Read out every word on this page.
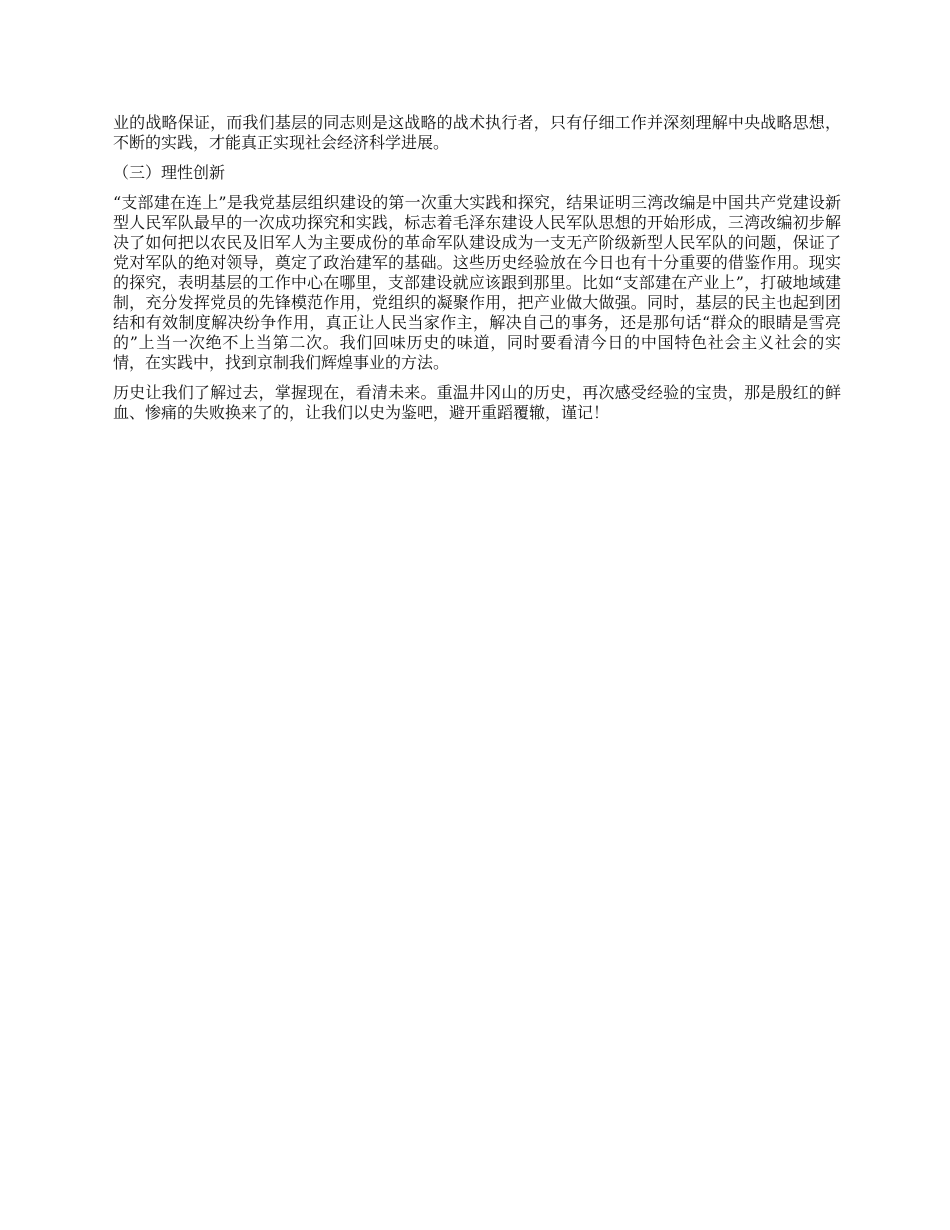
业的战略保证，而我们基层的同志则是这战略的战术执行者，只有仔细工作并深刻理解中央战略思想，不断的实践，才能真正实现社会经济科学进展。

（三）理性创新

“支部建在连上”是我党基层组织建设的第一次重大实践和探究，结果证明三湾改编是中国共产党建设新型人民军队最早的一次成功探究和实践，标志着毛泽东建设人民军队思想的开始形成，三湾改编初步解决了如何把以农民及旧军人为主要成份的革命军队建设成为一支无产阶级新型人民军队的问题，保证了党对军队的绝对领导，奠定了政治建军的基础。这些历史经验放在今日也有十分重要的借鉴作用。现实的探究，表明基层的工作中心在哪里，支部建设就应该跟到那里。比如“支部建在产业上”，打破地域建制，充分发挥党员的先锋模范作用，党组织的凝聚作用，把产业做大做强。同时，基层的民主也起到团结和有效制度解决纷争作用，真正让人民当家作主，解决自己的事务，还是那句话“群众的眼睛是雪亮的”上当一次绝不上当第二次。我们回味历史的味道，同时要看清今日的中国特色社会主义社会的实情，在实践中，找到京制我们辉煌事业的方法。

历史让我们了解过去，掌握现在，看清未来。重温井冈山的历史，再次感受经验的宝贵，那是殷红的鲜血、惨痛的失败换来了的，让我们以史为鉴吧，避开重蹈覆辙，谨记！
